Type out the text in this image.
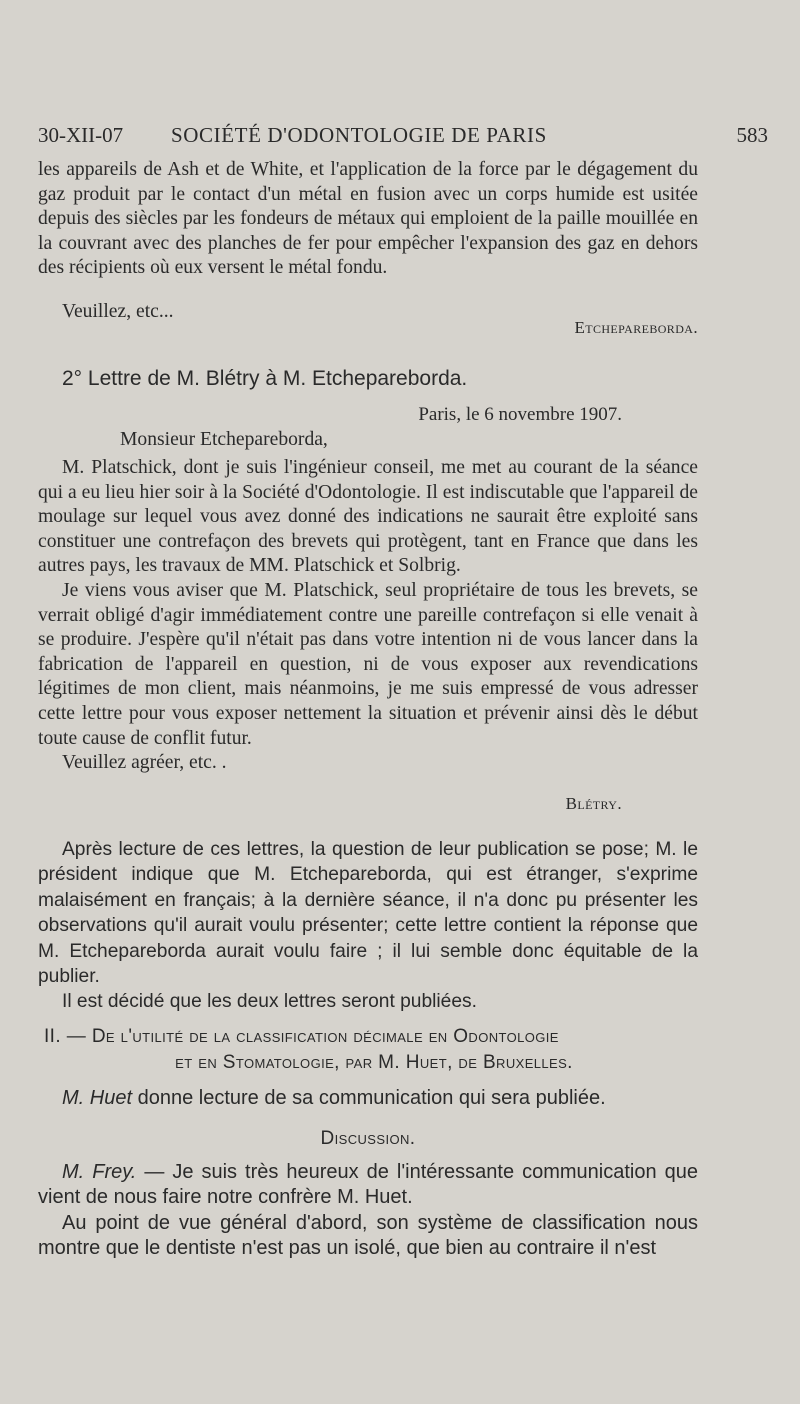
30-XII-07 SOCIÉTÉ D'ODONTOLOGIE DE PARIS	583

les appareils de Ash et de White, et l'application de la force par le dégagement du gaz produit par le contact d'un métal en fusion avec un corps humide est usitée depuis des siècles par les fondeurs de métaux qui emploient de la paille mouillée en la couvrant avec des planches de fer pour empêcher l'expansion des gaz en dehors des récipients où eux versent le métal fondu.

Veuillez, etc...

Etchepareborda.
2° Lettre de M. Blétry à M. Etchepareborda.
Paris, le 6 novembre 1907.
Monsieur Etchepareborda,

M. Platschick, dont je suis l'ingénieur conseil, me met au courant de la séance qui a eu lieu hier soir à la Société d'Odontologie. Il est indiscutable que l'appareil de moulage sur lequel vous avez donné des indications ne saurait être exploité sans constituer une contrefaçon des brevets qui protègent, tant en France que dans les autres pays, les travaux de MM. Platschick et Solbrig.

Je viens vous aviser que M. Platschick, seul propriétaire de tous les brevets, se verrait obligé d'agir immédiatement contre une pareille contrefaçon si elle venait à se produire. J'espère qu'il n'était pas dans votre intention ni de vous lancer dans la fabrication de l'appareil en question, ni de vous exposer aux revendications légitimes de mon client, mais néanmoins, je me suis empressé de vous adresser cette lettre pour vous exposer nettement la situation et prévenir ainsi dès le début toute cause de conflit futur.

Veuillez agréer, etc. .

Blétry.

Après lecture de ces lettres, la question de leur publication se pose; M. le président indique que M. Etchepareborda, qui est étranger, s'exprime malaisément en français; à la dernière séance, il n'a donc pu présenter les observations qu'il aurait voulu présenter; cette lettre contient la réponse que M. Etchepareborda aurait voulu faire ; il lui semble donc équitable de la publier.

Il est décidé que les deux lettres seront publiées.

II. — De l'utilité de la classification décimale en Odontologie
et en Stomatologie, par M. Huet, de Bruxelles.
M. Huet donne lecture de sa communication qui sera publiée.
Discussion.

M. Frey. — Je suis très heureux de l'intéressante communication que vient de nous faire notre confrère M. Huet.

Au point de vue général d'abord, son système de classification nous montre que le dentiste n'est pas un isolé, que bien au contraire il n'est
